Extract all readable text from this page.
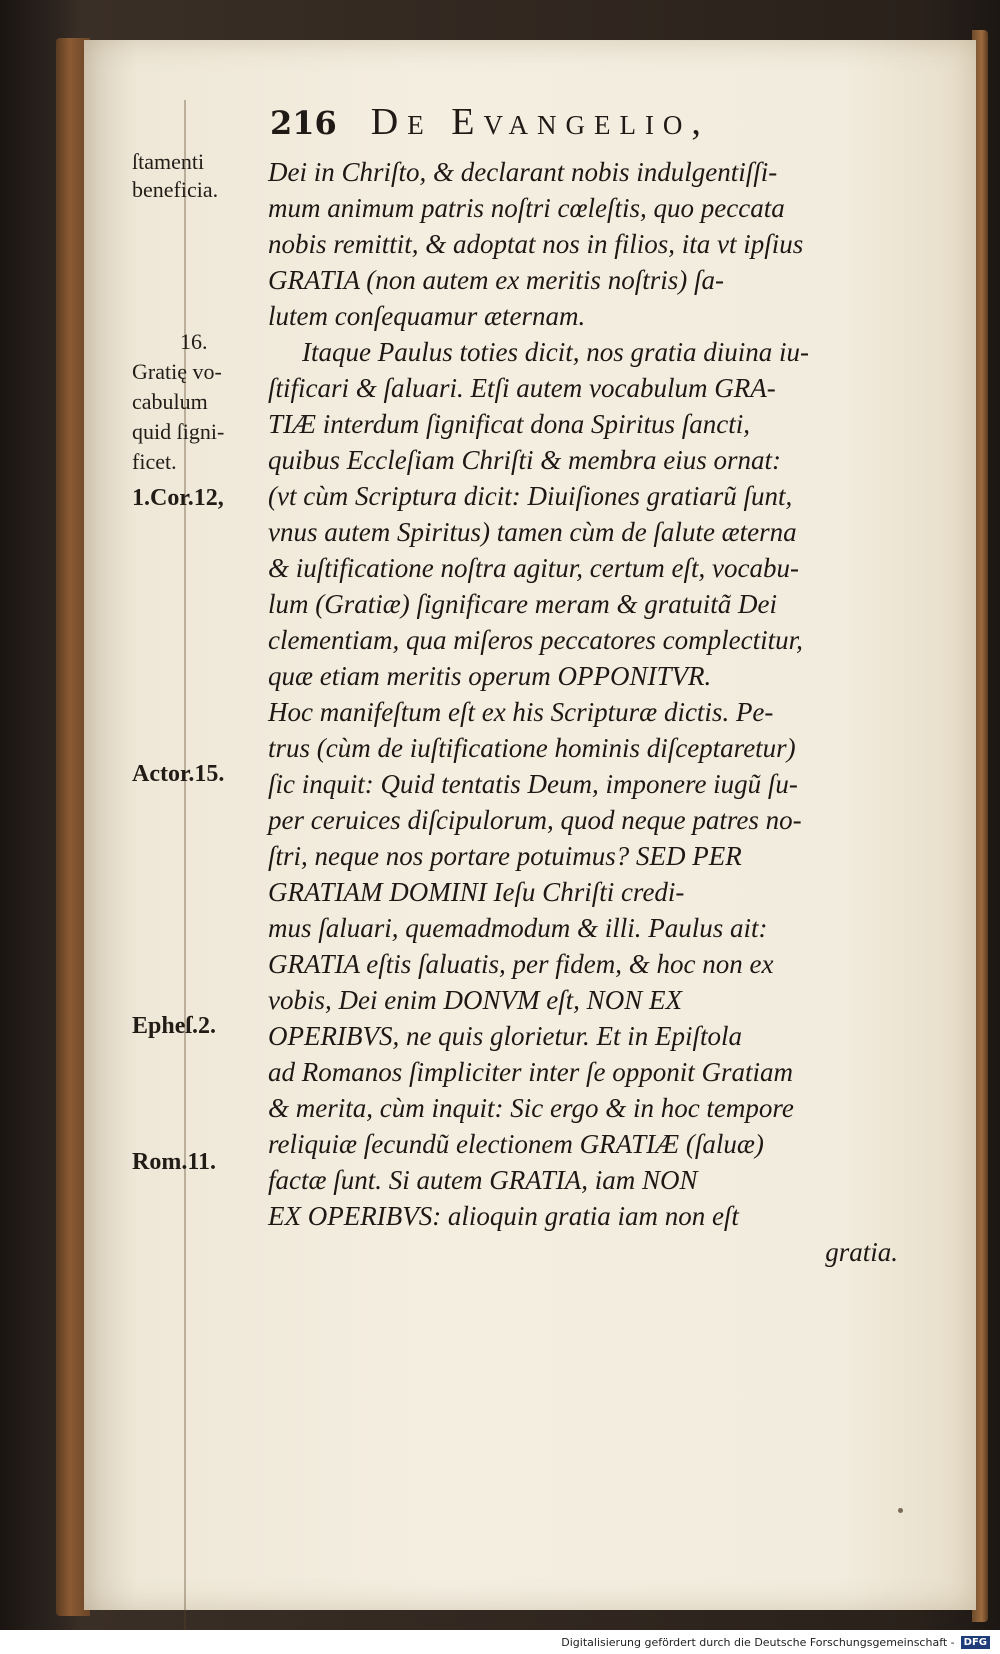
216 De Evangelio,
ſtamenti
beneficia.
16.
Gratię vo-
cabulum
quid ſigni-
ficet.
1.Cor.12,
Actor.15.
Epheſ.2.
Rom.11.
Dei in Chriſto, & declarant nobis indulgentiſſi-
mum animum patris noſtri cœleſtis, quo peccata
nobis remittit, & adoptat nos in filios, ita vt ipſius
GRATIA (non autem ex meritis noſtris) ſa-
lutem conſequamur æternam.
Itaque Paulus toties dicit, nos gratia diuina iu-
ſtificari & ſaluari. Etſi autem vocabulum GRA-
TIÆ interdum ſignificat dona Spiritus ſancti,
quibus Eccleſiam Chriſti & membra eius ornat:
(vt cùm Scriptura dicit: Diuiſiones gratiarũ ſunt,
vnus autem Spiritus) tamen cùm de ſalute æterna
& iuſtificatione noſtra agitur, certum eſt, vocabu-
lum (Gratiæ) ſignificare meram & gratuitã Dei
clementiam, qua miſeros peccatores complectitur,
quæ etiam meritis operum OPPONITVR.
Hoc manifeſtum eſt ex his Scripturæ dictis. Pe-
trus (cùm de iuſtificatione hominis diſceptaretur)
ſic inquit: Quid tentatis Deum, imponere iugũ ſu-
per ceruices diſcipulorum, quod neque patres no-
ſtri, neque nos portare potuimus? SED PER
GRATIAM DOMINI Ieſu Chriſti credi-
mus ſaluari, quemadmodum & illi. Paulus ait:
GRATIA eſtis ſaluatis, per fidem, & hoc non ex
vobis, Dei enim DONVM eſt, NON EX
OPERIBVS, ne quis glorietur. Et in Epiſtola
ad Romanos ſimpliciter inter ſe opponit Gratiam
& merita, cùm inquit: Sic ergo & in hoc tempore
reliquiæ ſecundũ electionem GRATIÆ (ſaluæ)
factæ ſunt. Si autem GRATIA, iam NON
EX OPERIBVS: alioquin gratia iam non eſt
gratia.
Digitalisierung gefördert durch die Deutsche Forschungsgemeinschaft - DFG
